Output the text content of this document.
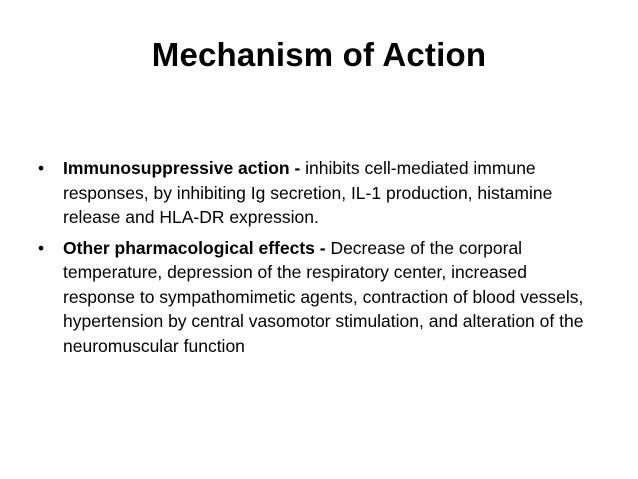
Mechanism of Action
• Immunosuppressive action - inhibits cell-mediated immune responses, by inhibiting Ig secretion, IL-1 production, histamine release and HLA-DR expression.
• Other pharmacological effects - Decrease of the corporal temperature, depression of the respiratory center, increased response to sympathomimetic agents, contraction of blood vessels, hypertension by central vasomotor stimulation, and alteration of the neuromuscular function
